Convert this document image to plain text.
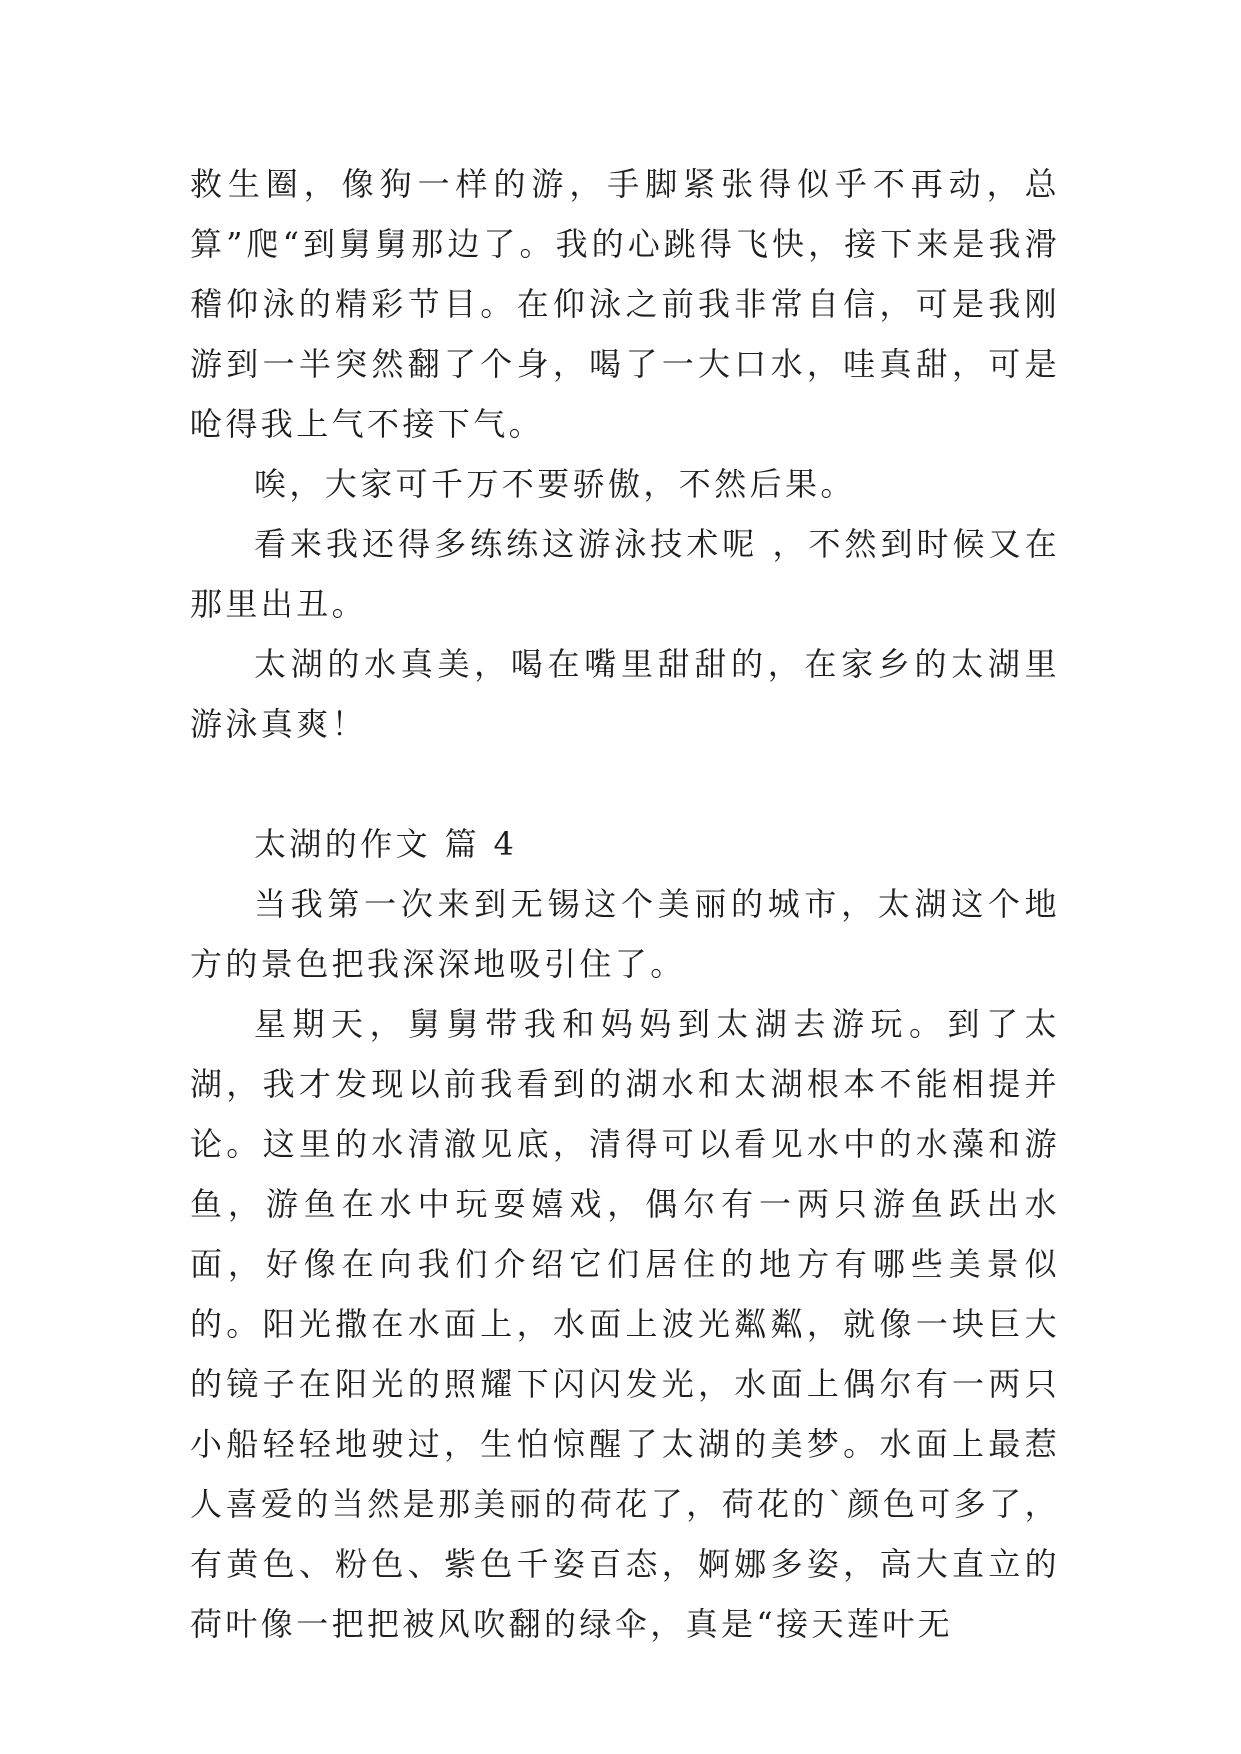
救生圈，像狗一样的游，手脚紧张得似乎不再动，总算”爬“到舅舅那边了。我的心跳得飞快，接下来是我滑稽仰泳的精彩节目。在仰泳之前我非常自信，可是我刚游到一半突然翻了个身，喝了一大口水，哇真甜，可是呛得我上气不接下气。

唉，大家可千万不要骄傲，不然后果。

看来我还得多练练这游泳技术呢 ，不然到时候又在那里出丑。

太湖的水真美，喝在嘴里甜甜的，在家乡的太湖里游泳真爽！

太湖的作文 篇 4

当我第一次来到无锡这个美丽的城市，太湖这个地方的景色把我深深地吸引住了。

星期天，舅舅带我和妈妈到太湖去游玩。到了太湖，我才发现以前我看到的湖水和太湖根本不能相提并论。这里的水清澈见底，清得可以看见水中的水藻和游鱼，游鱼在水中玩耍嬉戏，偶尔有一两只游鱼跃出水面，好像在向我们介绍它们居住的地方有哪些美景似的。阳光撒在水面上，水面上波光粼粼，就像一块巨大的镜子在阳光的照耀下闪闪发光，水面上偶尔有一两只小船轻轻地驶过，生怕惊醒了太湖的美梦。水面上最惹人喜爱的当然是那美丽的荷花了，荷花的`颜色可多了，有黄色、粉色、紫色千姿百态，婀娜多姿，高大直立的荷叶像一把把被风吹翻的绿伞，真是“接天莲叶无
